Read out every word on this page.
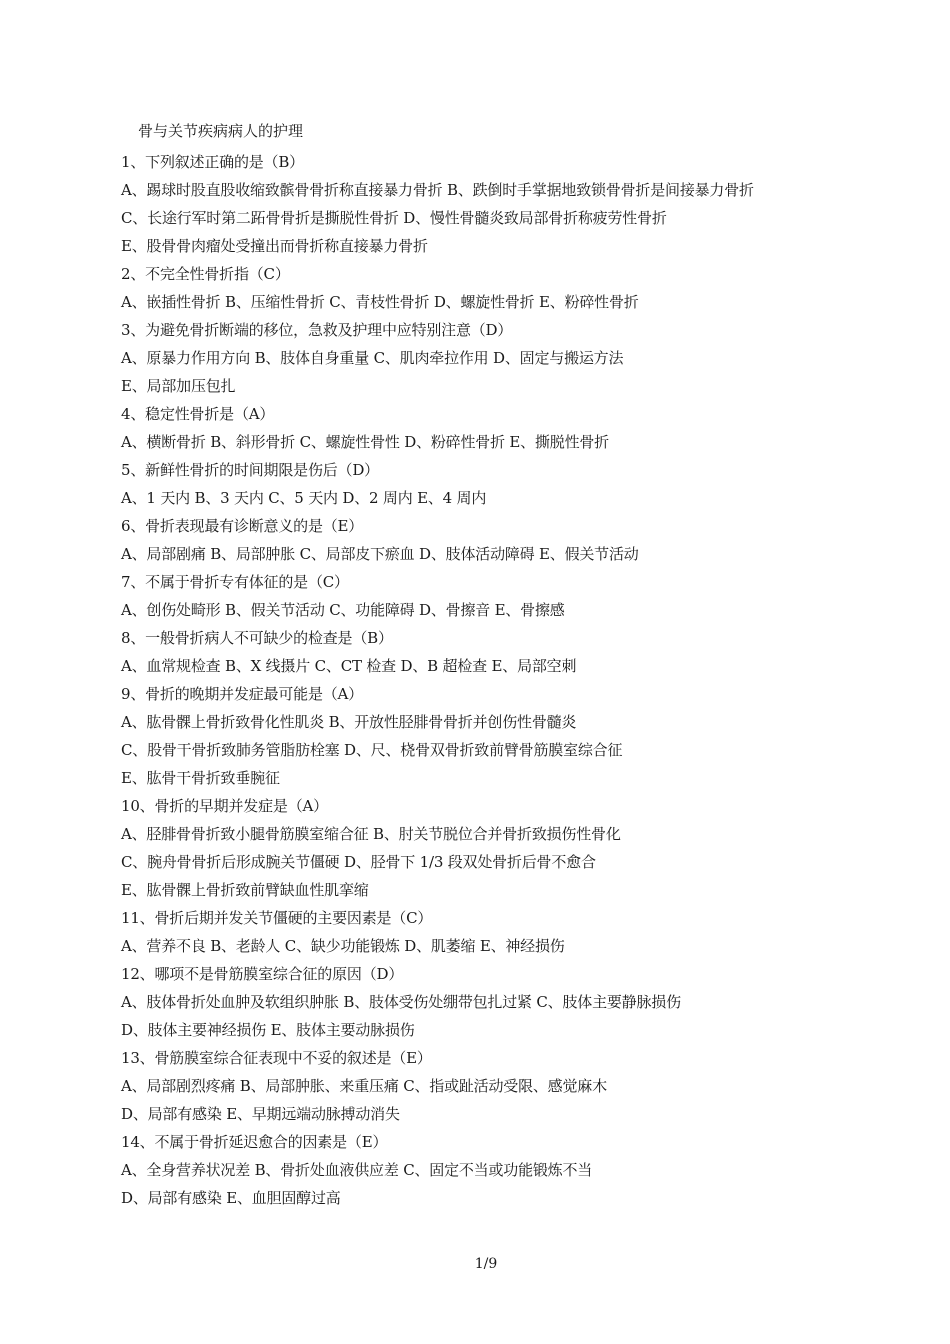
骨与关节疾病病人的护理
1、下列叙述正确的是（B）
A、踢球时股直股收缩致髌骨骨折称直接暴力骨折 B、跌倒时手掌据地致锁骨骨折是间接暴力骨折
C、长途行军时第二跖骨骨折是撕脱性骨折 D、慢性骨髓炎致局部骨折称疲劳性骨折
E、股骨骨肉瘤处受撞出而骨折称直接暴力骨折
2、不完全性骨折指（C）
A、嵌插性骨折 B、压缩性骨折 C、青枝性骨折 D、螺旋性骨折 E、粉碎性骨折
3、为避免骨折断端的移位，急救及护理中应特别注意（D）
A、原暴力作用方向 B、肢体自身重量 C、肌肉牵拉作用 D、固定与搬运方法
E、局部加压包扎
4、稳定性骨折是（A）
A、横断骨折 B、斜形骨折 C、螺旋性骨性 D、粉碎性骨折 E、撕脱性骨折
5、新鲜性骨折的时间期限是伤后（D）
A、1 天内 B、3 天内 C、5 天内 D、2 周内 E、4 周内
6、骨折表现最有诊断意义的是（E）
A、局部剧痛 B、局部肿胀 C、局部皮下瘀血 D、肢体活动障碍 E、假关节活动
7、不属于骨折专有体征的是（C）
A、创伤处畸形 B、假关节活动 C、功能障碍 D、骨擦音 E、骨擦感
8、一般骨折病人不可缺少的检查是（B）
A、血常规检查 B、X 线摄片 C、CT 检查 D、B 超检查 E、局部空刺
9、骨折的晚期并发症最可能是（A）
A、肱骨髁上骨折致骨化性肌炎 B、开放性胫腓骨骨折并创伤性骨髓炎
C、股骨干骨折致肺务管脂肪栓塞 D、尺、桡骨双骨折致前臂骨筋膜室综合征
E、肱骨干骨折致垂腕征
10、骨折的早期并发症是（A）
A、胫腓骨骨折致小腿骨筋膜室缩合征 B、肘关节脱位合并骨折致损伤性骨化
C、腕舟骨骨折后形成腕关节僵硬 D、胫骨下 1/3 段双处骨折后骨不愈合
E、肱骨髁上骨折致前臂缺血性肌挛缩
11、骨折后期并发关节僵硬的主要因素是（C）
A、营养不良 B、老龄人 C、缺少功能锻炼 D、肌萎缩 E、神经损伤
12、哪项不是骨筋膜室综合征的原因（D）
A、肢体骨折处血肿及软组织肿胀 B、肢体受伤处绷带包扎过紧 C、肢体主要静脉损伤
D、肢体主要神经损伤 E、肢体主要动脉损伤
13、骨筋膜室综合征表现中不妥的叙述是（E）
A、局部剧烈疼痛 B、局部肿胀、来重压痛 C、指或趾活动受限、感觉麻木
D、局部有感染 E、早期远端动脉搏动消失
14、不属于骨折延迟愈合的因素是（E）
A、全身营养状况差 B、骨折处血液供应差 C、固定不当或功能锻炼不当
D、局部有感染 E、血胆固醇过高
1/9
